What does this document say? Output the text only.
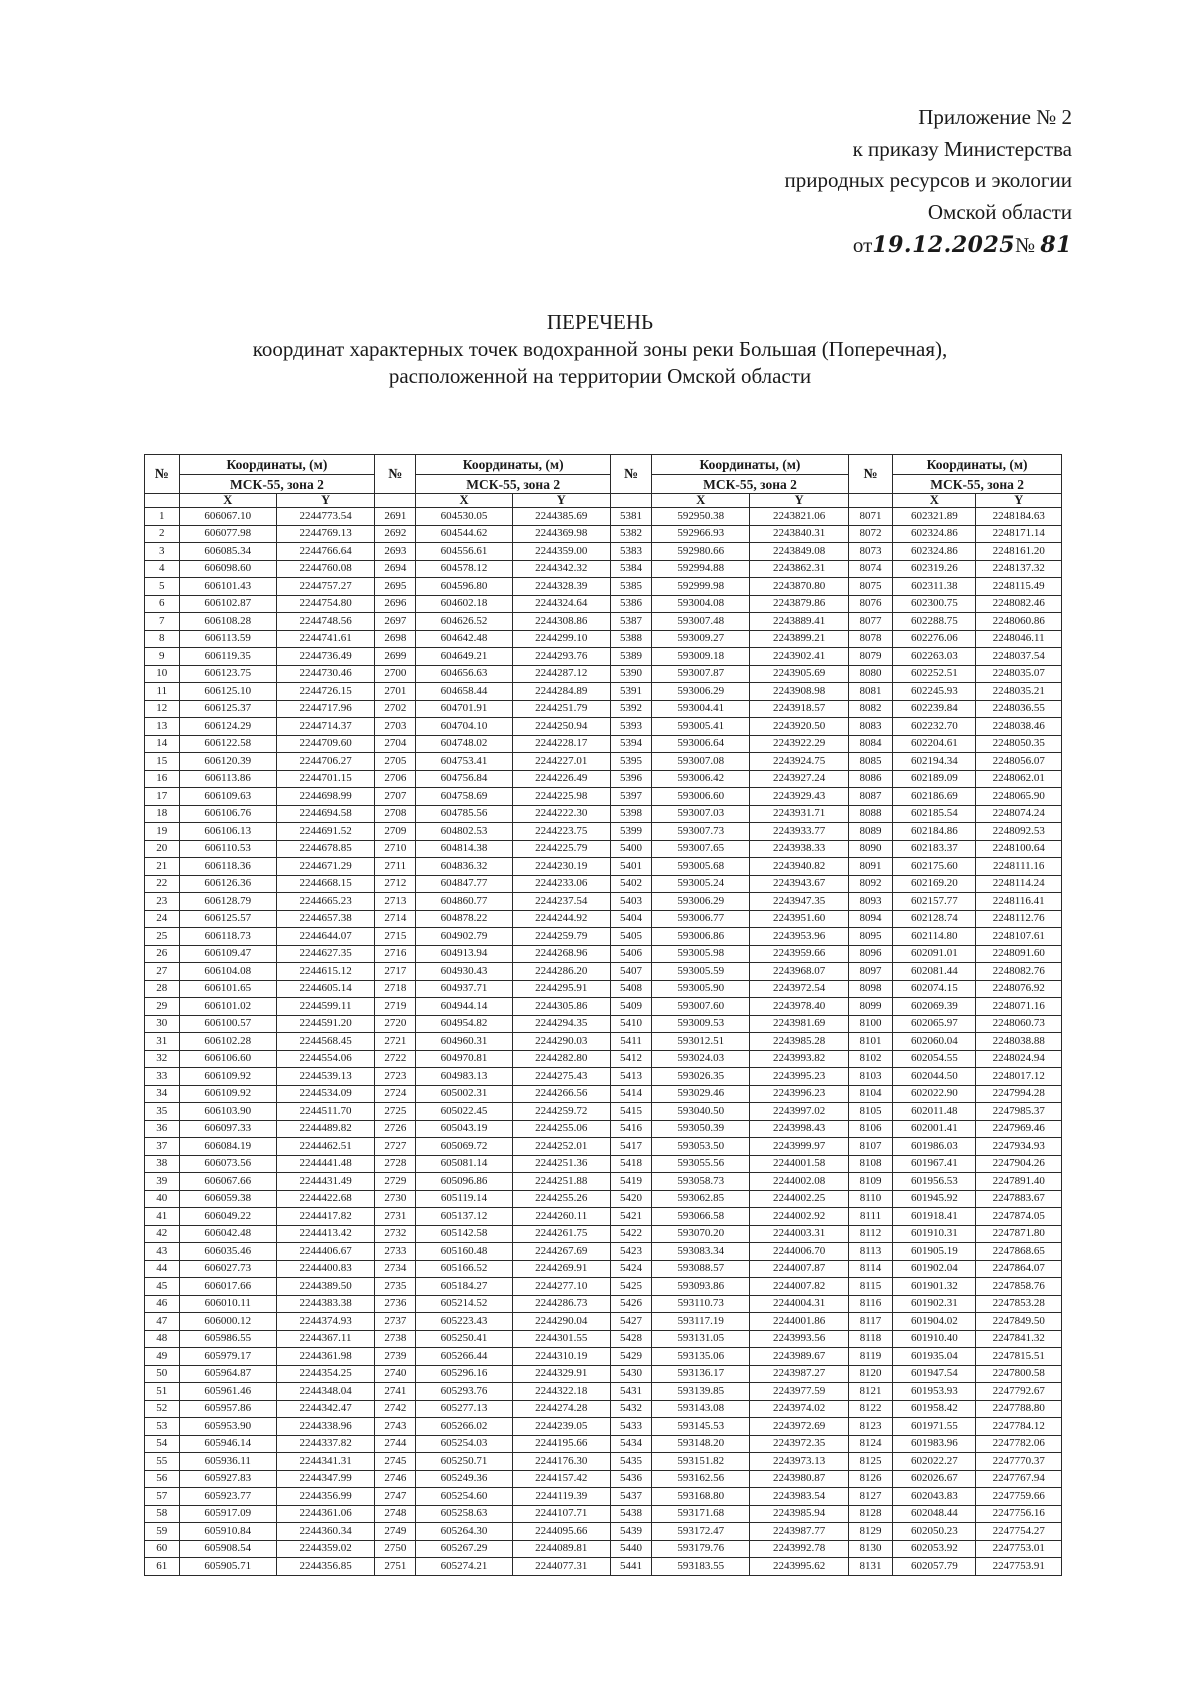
Приложение № 2
к приказу Министерства
природных ресурсов и экологии
Омской области
от19.12.2025№ 81
ПЕРЕЧЕНЬ
координат характерных точек водохранной зоны реки Большая (Поперечная),
расположенной на территории Омской области
№	Координаты, (м)		№	Координаты, (м)		№	Координаты, (м)		№	Координаты, (м)	
	МСК-55, зона 2			МСК-55, зона 2			МСК-55, зона 2			МСК-55, зона 2	
	X	Y		X	Y		X	Y		X	Y
1	606067.10	2244773.54	2691	604530.05	2244385.69	5381	592950.38	2243821.06	8071	602321.89	2248184.63
2	606077.98	2244769.13	2692	604544.62	2244369.98	5382	592966.93	2243840.31	8072	602324.86	2248171.14
3	606085.34	2244766.64	2693	604556.61	2244359.00	5383	592980.66	2243849.08	8073	602324.86	2248161.20
4	606098.60	2244760.08	2694	604578.12	2244342.32	5384	592994.88	2243862.31	8074	602319.26	2248137.32
5	606101.43	2244757.27	2695	604596.80	2244328.39	5385	592999.98	2243870.80	8075	602311.38	2248115.49
6	606102.87	2244754.80	2696	604602.18	2244324.64	5386	593004.08	2243879.86	8076	602300.75	2248082.46
7	606108.28	2244748.56	2697	604626.52	2244308.86	5387	593007.48	2243889.41	8077	602288.75	2248060.86
8	606113.59	2244741.61	2698	604642.48	2244299.10	5388	593009.27	2243899.21	8078	602276.06	2248046.11
9	606119.35	2244736.49	2699	604649.21	2244293.76	5389	593009.18	2243902.41	8079	602263.03	2248037.54
10	606123.75	2244730.46	2700	604656.63	2244287.12	5390	593007.87	2243905.69	8080	602252.51	2248035.07
11	606125.10	2244726.15	2701	604658.44	2244284.89	5391	593006.29	2243908.98	8081	602245.93	2248035.21
12	606125.37	2244717.96	2702	604701.91	2244251.79	5392	593004.41	2243918.57	8082	602239.84	2248036.55
13	606124.29	2244714.37	2703	604704.10	2244250.94	5393	593005.41	2243920.50	8083	602232.70	2248038.46
14	606122.58	2244709.60	2704	604748.02	2244228.17	5394	593006.64	2243922.29	8084	602204.61	2248050.35
15	606120.39	2244706.27	2705	604753.41	2244227.01	5395	593007.08	2243924.75	8085	602194.34	2248056.07
16	606113.86	2244701.15	2706	604756.84	2244226.49	5396	593006.42	2243927.24	8086	602189.09	2248062.01
17	606109.63	2244698.99	2707	604758.69	2244225.98	5397	593006.60	2243929.43	8087	602186.69	2248065.90
18	606106.76	2244694.58	2708	604785.56	2244222.30	5398	593007.03	2243931.71	8088	602185.54	2248074.24
19	606106.13	2244691.52	2709	604802.53	2244223.75	5399	593007.73	2243933.77	8089	602184.86	2248092.53
20	606110.53	2244678.85	2710	604814.38	2244225.79	5400	593007.65	2243938.33	8090	602183.37	2248100.64
21	606118.36	2244671.29	2711	604836.32	2244230.19	5401	593005.68	2243940.82	8091	602175.60	2248111.16
22	606126.36	2244668.15	2712	604847.77	2244233.06	5402	593005.24	2243943.67	8092	602169.20	2248114.24
23	606128.79	2244665.23	2713	604860.77	2244237.54	5403	593006.29	2243947.35	8093	602157.77	2248116.41
24	606125.57	2244657.38	2714	604878.22	2244244.92	5404	593006.77	2243951.60	8094	602128.74	2248112.76
25	606118.73	2244644.07	2715	604902.79	2244259.79	5405	593006.86	2243953.96	8095	602114.80	2248107.61
26	606109.47	2244627.35	2716	604913.94	2244268.96	5406	593005.98	2243959.66	8096	602091.01	2248091.60
27	606104.08	2244615.12	2717	604930.43	2244286.20	5407	593005.59	2243968.07	8097	602081.44	2248082.76
28	606101.65	2244605.14	2718	604937.71	2244295.91	5408	593005.90	2243972.54	8098	602074.15	2248076.92
29	606101.02	2244599.11	2719	604944.14	2244305.86	5409	593007.60	2243978.40	8099	602069.39	2248071.16
30	606100.57	2244591.20	2720	604954.82	2244294.35	5410	593009.53	2243981.69	8100	602065.97	2248060.73
31	606102.28	2244568.45	2721	604960.31	2244290.03	5411	593012.51	2243985.28	8101	602060.04	2248038.88
32	606106.60	2244554.06	2722	604970.81	2244282.80	5412	593024.03	2243993.82	8102	602054.55	2248024.94
33	606109.92	2244539.13	2723	604983.13	2244275.43	5413	593026.35	2243995.23	8103	602044.50	2248017.12
34	606109.92	2244534.09	2724	605002.31	2244266.56	5414	593029.46	2243996.23	8104	602022.90	2247994.28
35	606103.90	2244511.70	2725	605022.45	2244259.72	5415	593040.50	2243997.02	8105	602011.48	2247985.37
36	606097.33	2244489.82	2726	605043.19	2244255.06	5416	593050.39	2243998.43	8106	602001.41	2247969.46
37	606084.19	2244462.51	2727	605069.72	2244252.01	5417	593053.50	2243999.97	8107	601986.03	2247934.93
38	606073.56	2244441.48	2728	605081.14	2244251.36	5418	593055.56	2244001.58	8108	601967.41	2247904.26
39	606067.66	2244431.49	2729	605096.86	2244251.88	5419	593058.73	2244002.08	8109	601956.53	2247891.40
40	606059.38	2244422.68	2730	605119.14	2244255.26	5420	593062.85	2244002.25	8110	601945.92	2247883.67
41	606049.22	2244417.82	2731	605137.12	2244260.11	5421	593066.58	2244002.92	8111	601918.41	2247874.05
42	606042.48	2244413.42	2732	605142.58	2244261.75	5422	593070.20	2244003.31	8112	601910.31	2247871.80
43	606035.46	2244406.67	2733	605160.48	2244267.69	5423	593083.34	2244006.70	8113	601905.19	2247868.65
44	606027.73	2244400.83	2734	605166.52	2244269.91	5424	593088.57	2244007.87	8114	601902.04	2247864.07
45	606017.66	2244389.50	2735	605184.27	2244277.10	5425	593093.86	2244007.82	8115	601901.32	2247858.76
46	606010.11	2244383.38	2736	605214.52	2244286.73	5426	593110.73	2244004.31	8116	601902.31	2247853.28
47	606000.12	2244374.93	2737	605223.43	2244290.04	5427	593117.19	2244001.86	8117	601904.02	2247849.50
48	605986.55	2244367.11	2738	605250.41	2244301.55	5428	593131.05	2243993.56	8118	601910.40	2247841.32
49	605979.17	2244361.98	2739	605266.44	2244310.19	5429	593135.06	2243989.67	8119	601935.04	2247815.51
50	605964.87	2244354.25	2740	605296.16	2244329.91	5430	593136.17	2243987.27	8120	601947.54	2247800.58
51	605961.46	2244348.04	2741	605293.76	2244322.18	5431	593139.85	2243977.59	8121	601953.93	2247792.67
52	605957.86	2244342.47	2742	605277.13	2244274.28	5432	593143.08	2243974.02	8122	601958.42	2247788.80
53	605953.90	2244338.96	2743	605266.02	2244239.05	5433	593145.53	2243972.69	8123	601971.55	2247784.12
54	605946.14	2244337.82	2744	605254.03	2244195.66	5434	593148.20	2243972.35	8124	601983.96	2247782.06
55	605936.11	2244341.31	2745	605250.71	2244176.30	5435	593151.82	2243973.13	8125	602022.27	2247770.37
56	605927.83	2244347.99	2746	605249.36	2244157.42	5436	593162.56	2243980.87	8126	602026.67	2247767.94
57	605923.77	2244356.99	2747	605254.60	2244119.39	5437	593168.80	2243983.54	8127	602043.83	2247759.66
58	605917.09	2244361.06	2748	605258.63	2244107.71	5438	593171.68	2243985.94	8128	602048.44	2247756.16
59	605910.84	2244360.34	2749	605264.30	2244095.66	5439	593172.47	2243987.77	8129	602050.23	2247754.27
60	605908.54	2244359.02	2750	605267.29	2244089.81	5440	593179.76	2243992.78	8130	602053.92	2247753.01
61	605905.71	2244356.85	2751	605274.21	2244077.31	5441	593183.55	2243995.62	8131	602057.79	2247753.91
